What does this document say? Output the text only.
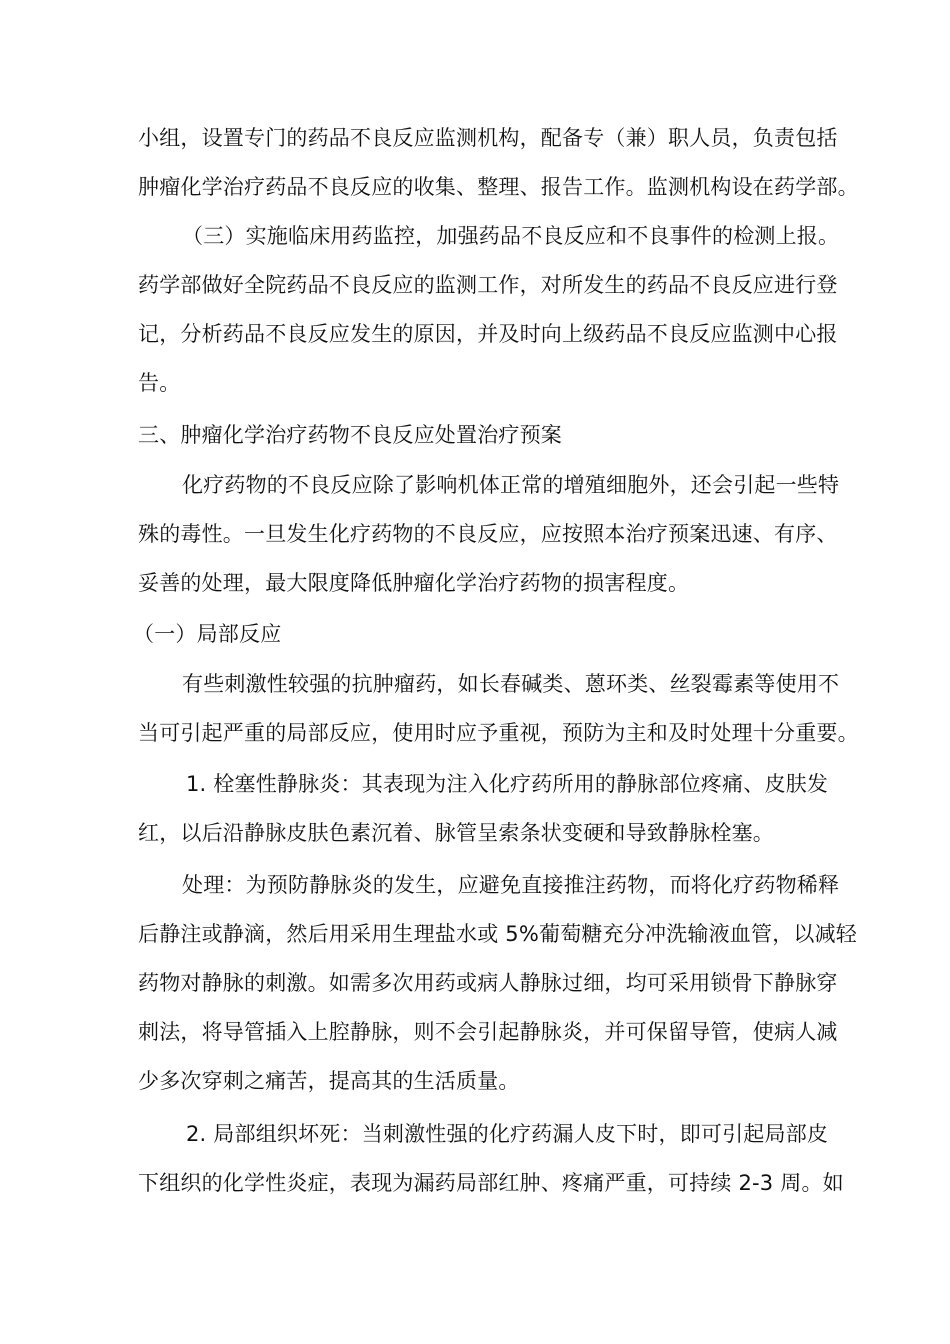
小组，设置专门的药品不良反应监测机构，配备专（兼）职人员，负责包括
肿瘤化学治疗药品不良反应的收集、整理、报告工作。监测机构设在药学部。
（三）实施临床用药监控，加强药品不良反应和不良事件的检测上报。
药学部做好全院药品不良反应的监测工作，对所发生的药品不良反应进行登
记，分析药品不良反应发生的原因，并及时向上级药品不良反应监测中心报
告。
三、肿瘤化学治疗药物不良反应处置治疗预案
化疗药物的不良反应除了影响机体正常的增殖细胞外，还会引起一些特
殊的毒性。一旦发生化疗药物的不良反应，应按照本治疗预案迅速、有序、
妥善的处理，最大限度降低肿瘤化学治疗药物的损害程度。
（一）局部反应
有些刺激性较强的抗肿瘤药，如长春碱类、蒽环类、丝裂霉素等使用不
当可引起严重的局部反应，使用时应予重视，预防为主和及时处理十分重要。
1. 栓塞性静脉炎：其表现为注入化疗药所用的静脉部位疼痛、皮肤发
红，以后沿静脉皮肤色素沉着、脉管呈索条状变硬和导致静脉栓塞。
处理：为预防静脉炎的发生，应避免直接推注药物，而将化疗药物稀释
后静注或静滴，然后用采用生理盐水或 5%葡萄糖充分冲洗输液血管，以减轻
药物对静脉的刺激。如需多次用药或病人静脉过细，均可采用锁骨下静脉穿
刺法，将导管插入上腔静脉，则不会引起静脉炎，并可保留导管，使病人减
少多次穿刺之痛苦，提高其的生活质量。
2. 局部组织坏死：当刺激性强的化疗药漏人皮下时，即可引起局部皮
下组织的化学性炎症，表现为漏药局部红肿、疼痛严重，可持续 2-3 周。如
